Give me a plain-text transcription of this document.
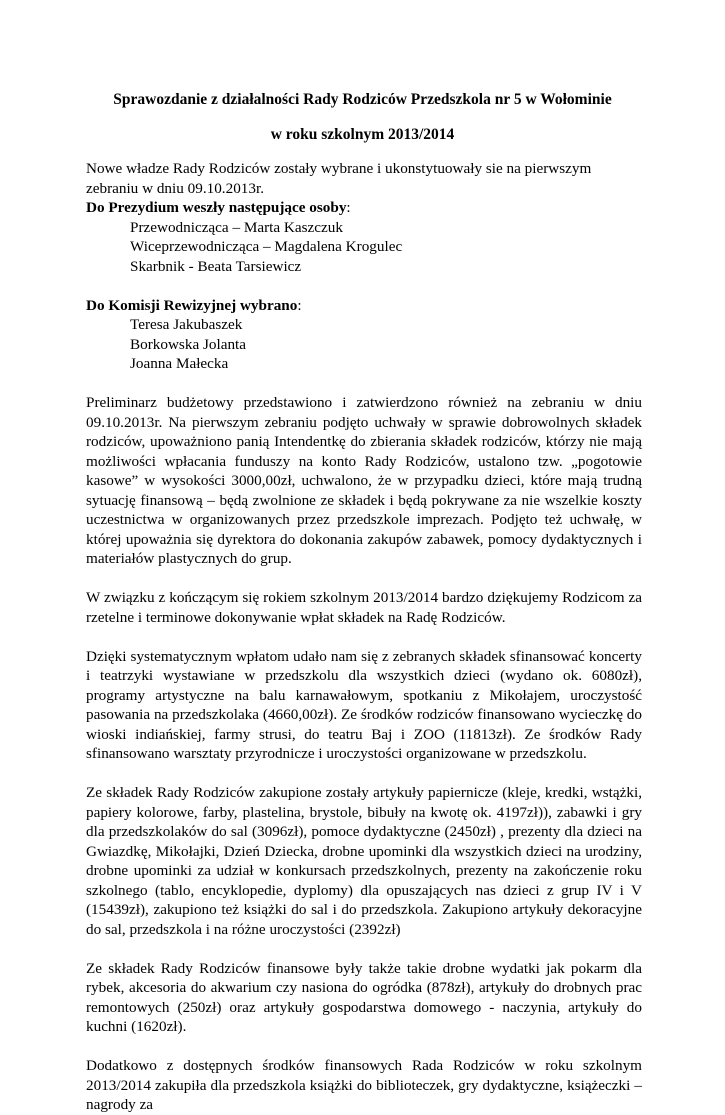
Sprawozdanie z działalności Rady Rodziców Przedszkola nr 5 w Wołominie
w roku szkolnym 2013/2014

Nowe władze Rady Rodziców zostały wybrane i ukonstytuowały sie na pierwszym zebraniu w dniu 09.10.2013r.

Do Prezydium weszły następujące osoby:

Przewodnicząca – Marta Kaszczuk

Wiceprzewodnicząca – Magdalena Krogulec

Skarbnik - Beata Tarsiewicz

Do Komisji Rewizyjnej wybrano:

Teresa Jakubaszek

Borkowska Jolanta

Joanna Małecka

Preliminarz budżetowy przedstawiono i zatwierdzono również na zebraniu w dniu 09.10.2013r. Na pierwszym zebraniu podjęto uchwały w sprawie dobrowolnych składek rodziców, upoważniono panią Intendentkę do zbierania składek rodziców, którzy nie mają możliwości wpłacania funduszy na konto Rady Rodziców, ustalono tzw. „pogotowie kasowe” w wysokości 3000,00zł, uchwalono, że w przypadku dzieci, które mają trudną sytuację finansową – będą zwolnione ze składek i będą pokrywane za nie wszelkie koszty uczestnictwa w organizowanych przez przedszkole imprezach. Podjęto też uchwałę, w której upoważnia się dyrektora do dokonania zakupów zabawek, pomocy dydaktycznych i materiałów plastycznych do grup.

W związku z kończącym się rokiem szkolnym 2013/2014 bardzo dziękujemy Rodzicom za rzetelne i terminowe dokonywanie wpłat składek na Radę Rodziców.

Dzięki systematycznym wpłatom udało nam się z zebranych składek sfinansować koncerty i teatrzyki wystawiane w przedszkolu dla wszystkich dzieci (wydano ok. 6080zł), programy artystyczne na balu karnawałowym, spotkaniu z Mikołajem, uroczystość pasowania na przedszkolaka (4660,00zł). Ze środków rodziców finansowano wycieczkę do wioski indiańskiej, farmy strusi, do teatru Baj i ZOO (11813zł). Ze środków Rady sfinansowano warsztaty przyrodnicze i uroczystości organizowane w przedszkolu.

Ze składek Rady Rodziców zakupione zostały artykuły papiernicze (kleje, kredki, wstążki, papiery kolorowe, farby, plastelina, brystole, bibuły na kwotę ok. 4197zł)), zabawki i gry dla przedszkolaków do sal (3096zł), pomoce dydaktyczne (2450zł) , prezenty dla dzieci na Gwiazdkę, Mikołajki, Dzień Dziecka, drobne upominki dla wszystkich dzieci na urodziny, drobne upominki za udział w konkursach przedszkolnych, prezenty na zakończenie roku szkolnego (tablo, encyklopedie, dyplomy) dla opuszających nas dzieci z grup IV i V (15439zł), zakupiono też książki do sal i do przedszkola. Zakupiono artykuły dekoracyjne do sal, przedszkola i na różne uroczystości (2392zł)

Ze składek Rady Rodziców finansowe były także takie drobne wydatki jak pokarm dla rybek, akcesoria do akwarium czy nasiona do ogródka (878zł), artykuły do drobnych prac remontowych (250zł) oraz artykuły gospodarstwa domowego - naczynia, artykuły do kuchni (1620zł).

Dodatkowo z dostępnych środków finansowych Rada Rodziców w roku szkolnym 2013/2014 zakupiła dla przedszkola książki do biblioteczek, gry dydaktyczne, książeczki – nagrody za
